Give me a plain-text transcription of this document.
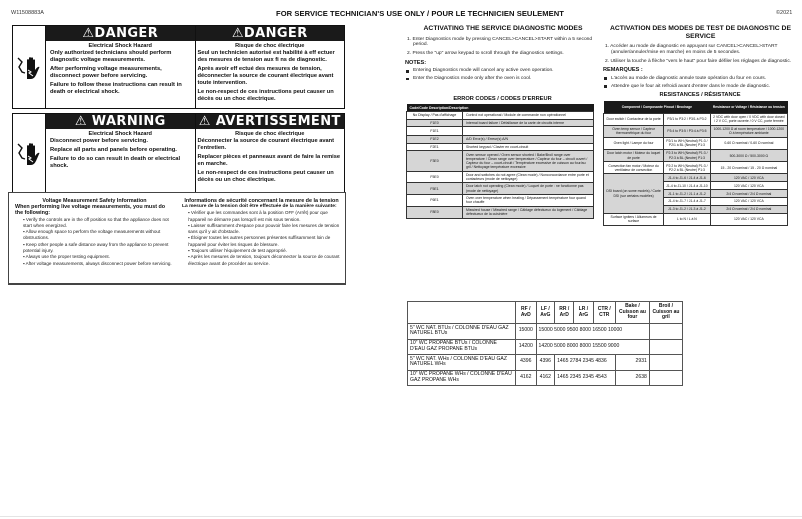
W11508883A	FOR SERVICE TECHNICIAN'S USE ONLY / POUR LE TECHNICIEN SEULEMENT	©2021
⚠DANGER
Electrical Shock Hazard
Only authorized technicians should perform diagnostic voltage measurements.
After performing voltage measurements, disconnect power before servicing.
Failure to follow these instructions can result in death or electrical shock.
⚠DANGER
Risque de choc électrique
Seul un technicien autorisé est habilité à eff ectuer des mesures de tension aux fi ns de diagnostic.
Après avoir eff ectué des mesures de tension, déconnecter la source de courant électrique avant toute intervention.
Le non-respect de ces instructions peut causer un décès ou un choc électrique.
⚠ WARNING
Electrical Shock Hazard
Disconnect power before servicing.
Replace all parts and panels before operating.
Failure to do so can result in death or electrical shock.
⚠ AVERTISSEMENT
Risque de choc électrique
Déconnecter la source de courant électrique avant l'entretien.
Replacer pièces et panneaux avant de faire la remise en marche.
Le non-respect de ces instructions peut causer un décès ou un choc électrique.
Voltage Measurement Safety Information
When performing live voltage measurements, you must do the following:
▪ Verify the controls are in the off position so that the appliance does not start when energized.
▪ Allow enough space to perform the voltage measurements without obstructions.
▪ Keep other people a safe distance away from the appliance to prevent potential injury.
▪ Always use the proper testing equipment.
▪ After voltage measurements, always disconnect power before servicing.
Informations de sécurité concernant la mesure de la tension
La mesure de la tension doit être effectuée de la manière suivante:
▪ Vérifier que les commandes sont à la position OFF (Arrêt) pour que l'appareil ne démarre pas lorsqu'il est mis sous tension.
▪ Laisser suffisamment d'espace pour pouvoir faire les mesures de tension sans qu'il y ait d'obstacle.
▪ Éloigner toutes les autres personnes présentes suffisamment loin de l'appareil pour éviter les risques de blessure.
▪ Toujours utiliser l'équipement de test approprié.
▪ Après les mesures de tension, toujours déconnecter la source de courant électrique avant de procéder au service.
ACTIVATING THE SERVICE DIAGNOSTIC MODES
1. Enter Diagnostics mode by pressing CANCEL>CANCEL>START within a 5 second period.
2. Press the "up" arrow keypad to scroll through the diagnostics settings.
NOTES:
Entering Diagnostics mode will cancel any active oven operation.
Enter the Diagnostics mode only after the oven is cool.
ACTIVATION DES MODES DE TEST DE DIAGNOSTIC DE SERVICE
1. Accéder au mode de diagnostic en appuyant sur CANCEL>CANCEL>START (annuler/annuler/mise en marche) en moins de 5 secondes.
2. Utiliser la touche à flèche "vers le haut" pour faire défiler les réglages de diagnostic.
REMARQUES :
L'accès au mode de diagnostic annule toute opération du four en cours.
Attendre que le four ait refroidi avant d'entrer dans le mode de diagnostic.
ERROR CODES / CODES D'ERREUR
Code/Code Description/Description	
No Display / Pas d'affichage	Control not operational / Module de commande non opérationnel
F1E0	Internal board failure / Défaillance de la carte de circuits interne
F1E1	
F1E2	A/D Error(s) / Erreur(s) A/N
F2E1	Shorted keypad / Clavier en court-circuit
F3E0	Oven sensor opened / Oven sensor shorted / Bake/Broil range over temperature / Clean range over temperature / Capteur du four – circuit ouvert / Capteur du four – court-circuit / Température excessive de cuisson au four/au gril / Nettoyage température excessive
F5E0	Door and switches do not agree (Clean mode) / Nonconcordance entre porte et contacteurs (mode de nettoyage)
F5E1	Door latch not operating (Clean mode) / Loquet de porte : ne fonctionne pas (mode de nettoyage)
F6E1	Oven over temperature when heating / Dépassement température four quand four chauffe
F8E0	Miswired house / Miswired range / Câblage défectueux du logement / Câblage défectueux de la cuisinière
RESISTANCES / RÉSISTANCE
Component / Composante Pinout / Brochage		Resistance or Voltage / Résistance ou tension
Door switch / Contacteur de la porte	P3/1 to P3:2 / P3/1 à P3:2	2 VDC with door open / 0 VDC with door closed / 2 V CC, porte ouverte / 0 V CC, porte fermée
Oven temp sensor / Capteur thermométrique du four	P3:4 to P3:5 / P3:4 à P3:5	1000-1200 Ω at room temperature / 1000-1200 Ω à température ambiante
Oven light / Lampe du four	P2/1 to WH (Neutral) P1:3 / P2/1 à BL (Neutre) P1:3	0-60 Ω nominal / 0-60 Ω nominal
Door latch motor / Moteur du loquet de porte	P2:3 to WH (Neutral) P1:3 / P2:3 à BL (Neutre) P1:3	500-3000 Ω / 500-3000 Ω
Convection fan motor / Moteur du ventilateur de convection	P2:2 to WH (Neutral) P1:3 / P2:2 à BL (Neutre) P1:3	15 - 20 Ω nominal / 15 - 20 Ω nominal
DSI board (on some models) / Carte DSI (sur certains modèles)	J1-4 to J1-6 / J1-4 à J1-6	120 VAC / 120 VCA
	J1-4 to J1-10 / J1-4 à J1-10	120 VAC / 120 VCA
	J1-1 to J1-2 / J1-1 à J1-2	2/4 Ω nominal / 2/4 Ω nominal
	J1-4 to J1-7 / J1-4 à J1-7	120 VAC / 120 VCA
	J1-3 to J1-2 / J1-3 à J1-2	2/4 Ω nominal / 2/4 Ω nominal
Surface igniters / Allumeurs de surface	L to N / L à N	120 VAC / 120 VCA
	RF / AvD	LF / AvG	RR / ArD	LR / ArG	CTR / CTR	Bake / Cuisson au four	Broil / Cuisson au gril
5" WC NAT. BTUs / COLONNE D'EAU GAZ NATUREL BTUs	15000	15000 5000 9500 8000 16500 10000					
10" WC PROPANE BTUs / COLONNE D'EAU GAZ PROPANE BTUs	14200	14200 5000 8000 8000 15500 9000					
5" WC NAT. WHs / COLONNE D'EAU GAZ NATUREL WHs	4396	4396	1465 2784 2345 4836			2931	
10" WC PROPANE WHs / COLONNE D'EAU GAZ PROPANE WHs	4162	4162	1465 2345 2345 4543			2638	
